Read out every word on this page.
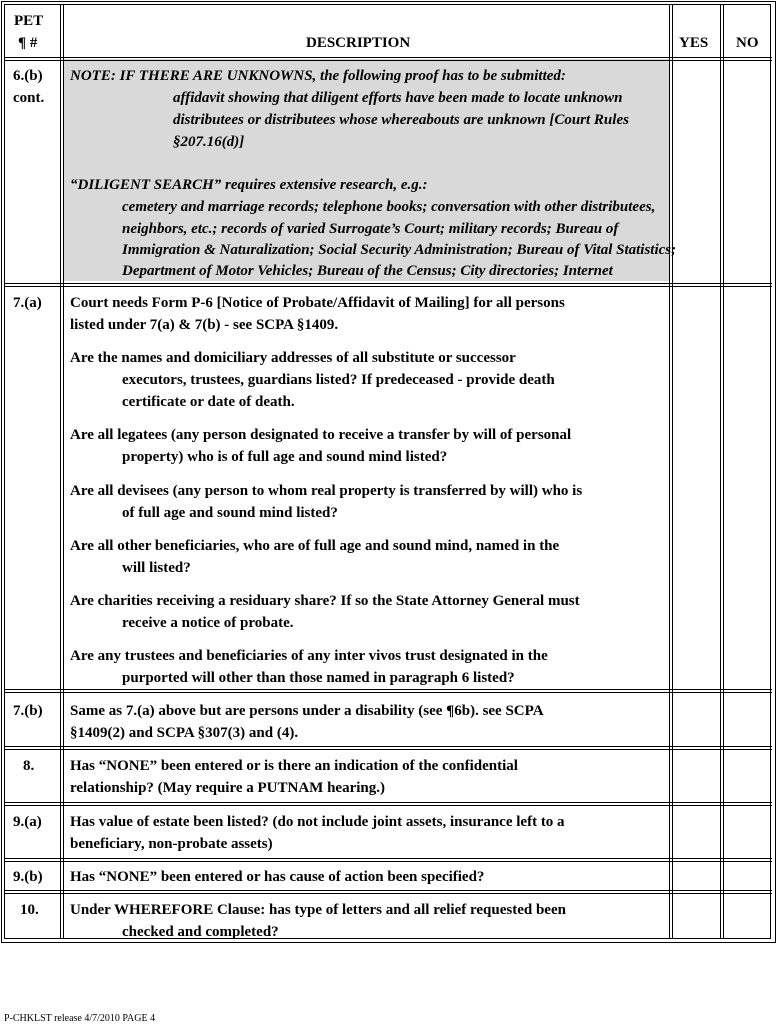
PET
¶ #	DESCRIPTION	YES NO
6.(b)
cont.
NOTE: IF THERE ARE UNKNOWNS, the following proof has to be submitted:
affidavit showing that diligent efforts have been made to locate unknown
distributees or distributees whose whereabouts are unknown [Court Rules
§207.16(d)]
“DILIGENT SEARCH” requires extensive research, e.g.:
cemetery and marriage records; telephone books; conversation with other distributees,
neighbors, etc.; records of varied Surrogate’s Court; military records; Bureau of
Immigration & Naturalization; Social Security Administration; Bureau of Vital Statistics;
Department of Motor Vehicles; Bureau of the Census; City directories; Internet
7.(a) Court needs Form P-6 [Notice of Probate/Affidavit of Mailing] for all persons
listed under 7(a) & 7(b) - see SCPA §1409.
Are the names and domiciliary addresses of all substitute or successor
executors, trustees, guardians listed? If predeceased - provide death
certificate or date of death.
Are all legatees (any person designated to receive a transfer by will of personal
property) who is of full age and sound mind listed?
Are all devisees (any person to whom real property is transferred by will) who is
of full age and sound mind listed?
Are all other beneficiaries, who are of full age and sound mind, named in the
will listed?
Are charities receiving a residuary share? If so the State Attorney General must
receive a notice of probate.
Are any trustees and beneficiaries of any inter vivos trust designated in the
purported will other than those named in paragraph 6 listed?
7.(b) Same as 7.(a) above but are persons under a disability (see ¶6b). see SCPA
§1409(2) and SCPA §307(3) and (4).
8. Has “NONE” been entered or is there an indication of the confidential
relationship? (May require a PUTNAM hearing.)
9.(a) Has value of estate been listed? (do not include joint assets, insurance left to a
beneficiary, non-probate assets)
9.(b) Has “NONE” been entered or has cause of action been specified?
10. Under WHEREFORE Clause: has type of letters and all relief requested been
checked and completed?
P-CHKLST release 4/7/2010 PAGE 4
